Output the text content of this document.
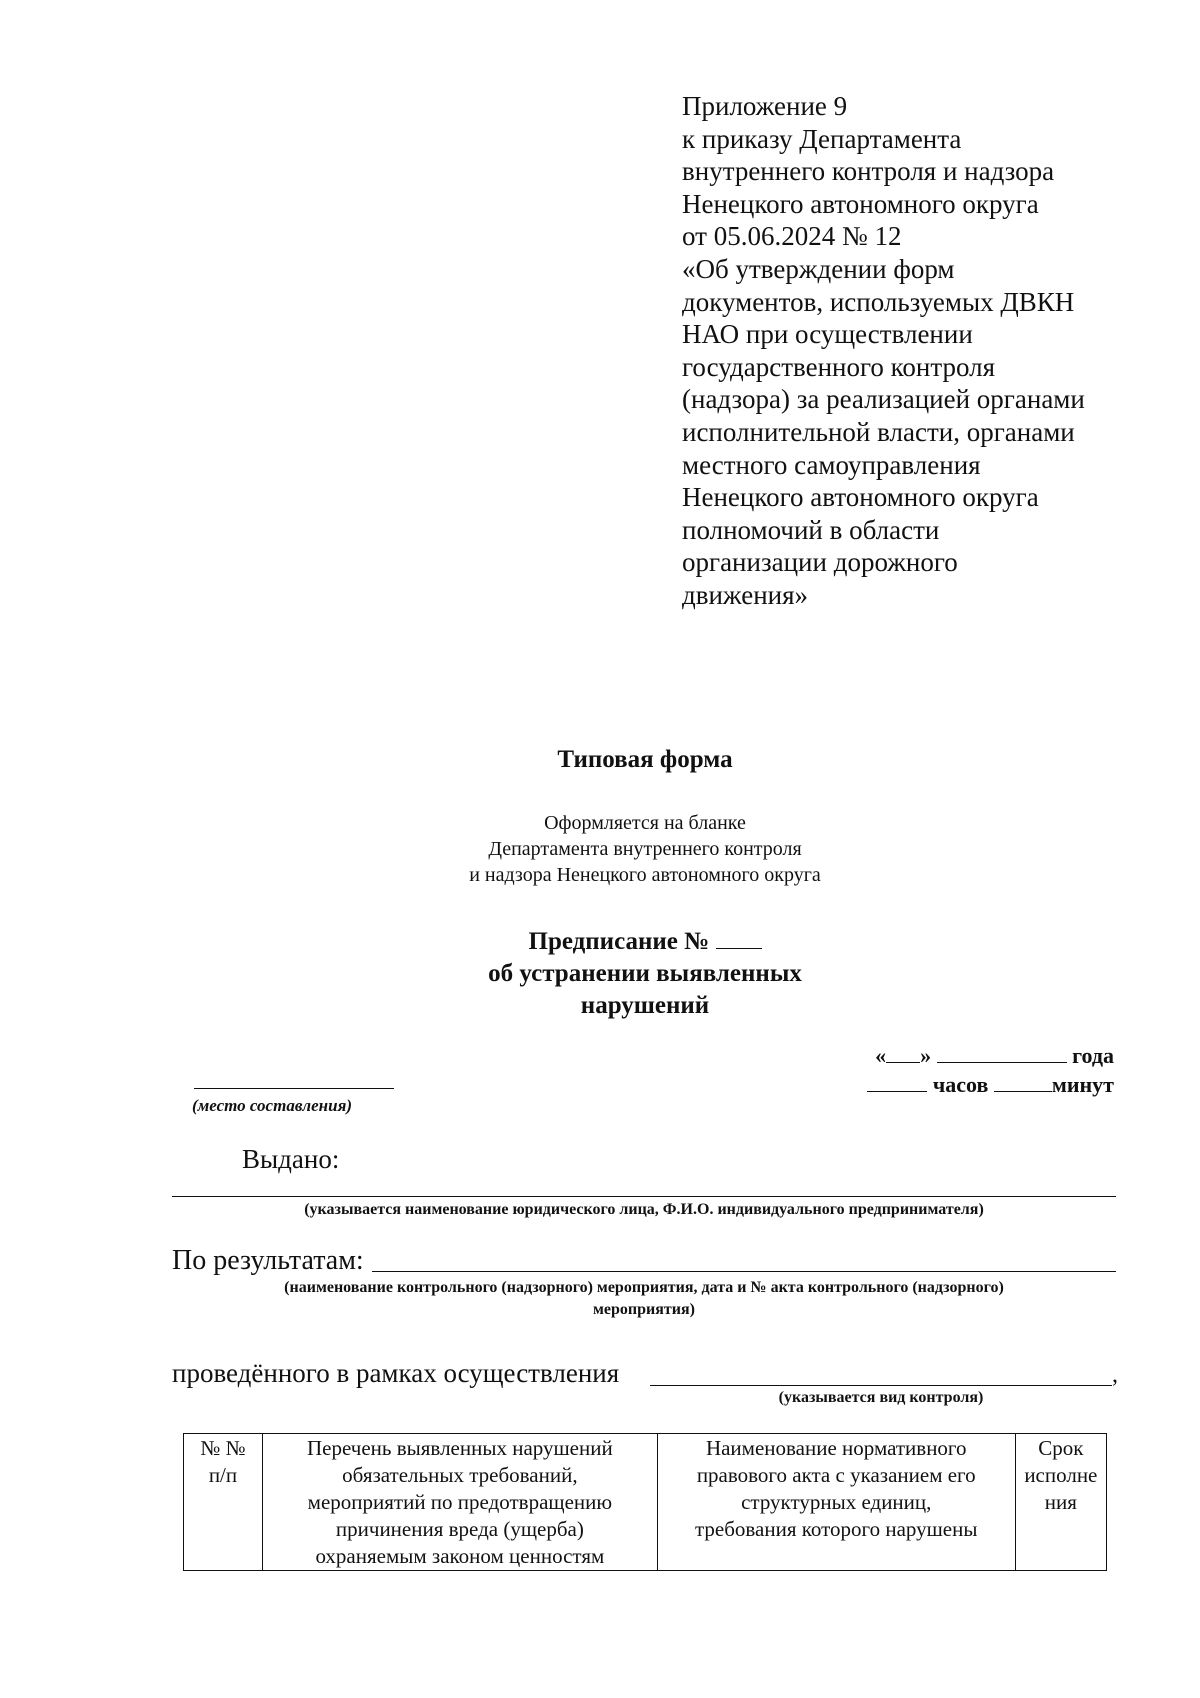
Приложение 9
к приказу Департамента
внутреннего контроля и надзора
Ненецкого автономного округа
от 05.06.2024 № 12
«Об утверждении форм
документов, используемых ДВКН
НАО при осуществлении
государственного контроля
(надзора) за реализацией органами
исполнительной власти, органами
местного самоуправления
Ненецкого автономного округа
полномочий в области
организации дорожного
движения»
Типовая форма
Оформляется на бланке
Департамента внутреннего контроля
и надзора Ненецкого автономного округа
Предписание №
об устранении выявленных
нарушений
« »	года
часов	минут
(место составления)
Выдано:
(указывается наименование юридического лица, Ф.И.О. индивидуального предпринимателя)
По результатам:
(наименование контрольного (надзорного) мероприятия, дата и № акта контрольного (надзорного)
мероприятия)
проведённого в рамках осуществления	,
(указывается вид контроля)
№ №
п/п

Перечень выявленных нарушений
обязательных требований,
мероприятий по предотвращению
причинения вреда (ущерба)
охраняемым законом ценностям

Наименование нормативного
правового акта с указанием его
структурных единиц,
требования которого нарушены

Срок
исполне
ния
